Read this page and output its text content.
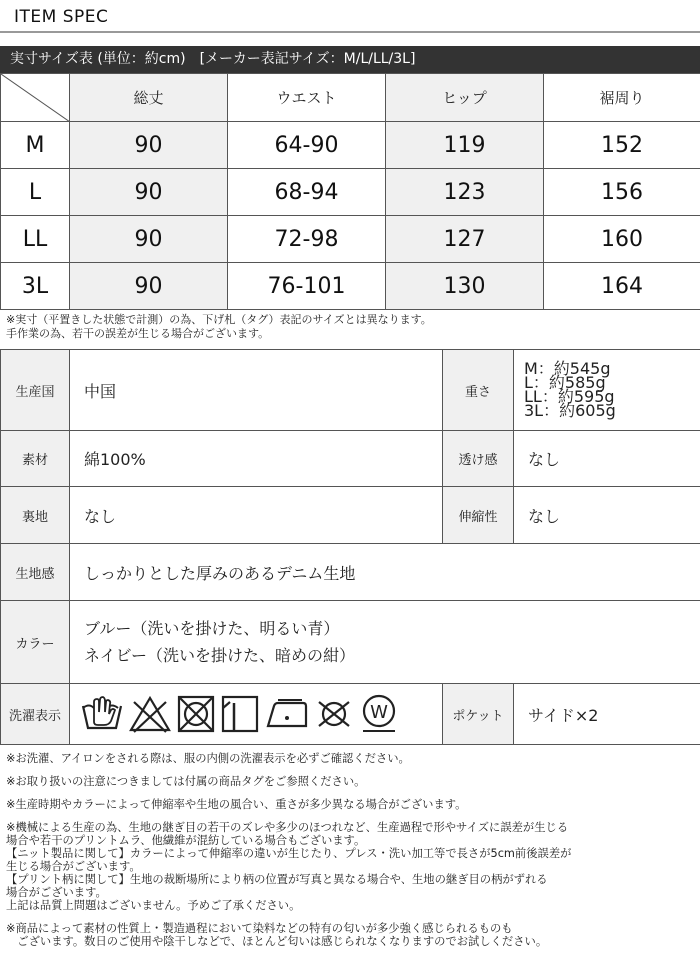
ITEM SPEC
実寸サイズ表 (単位：約cm)　[メーカー表記サイズ：M/L/LL/3L]
	総丈	ウエスト	ヒップ	裾周り
M	90	64-90	119	152
L	90	68-94	123	156
LL	90	72-98	127	160
3L	90	76-101	130	164
※実寸（平置きした状態で計測）の為、下げ札（タグ）表記のサイズとは異なります。
手作業の為、若干の誤差が生じる場合がございます。
生産国	中国	重さ	M：約545g
L：約585g
LL：約595g
3L：約605g

素材	綿100%	透け感	なし
裏地	なし	伸縮性	なし
生地感	しっかりとした厚みのあるデニム生地		
カラー	ブルー（洗いを掛けた、明るい青）
ネイビー（洗いを掛けた、暗めの紺）		

洗濯表示	W	ポケット	サイド×2

※お洗濯、アイロンをされる際は、服の内側の洗濯表示を必ずご確認ください。

※お取り扱いの注意につきましては付属の商品タグをご参照ください。

※生産時期やカラーによって伸縮率や生地の風合い、重さが多少異なる場合がございます。

※機械による生産の為、生地の継ぎ目の若干のズレや多少のほつれなど、生産過程で形やサイズに誤差が生じる

場合や若干のプリントムラ、他繊維が混紡している場合もございます。

【ニット製品に関して】カラーによって伸縮率の違いが生じたり、プレス・洗い加工等で長さが5cm前後誤差が

生じる場合がございます。

【プリント柄に関して】生地の裁断場所により柄の位置が写真と異なる場合や、生地の継ぎ目の柄がずれる

場合がございます。

上記は品質上問題はございません。予めご了承ください。

※商品によって素材の性質上・製造過程において染料などの特有の匂いが多少強く感じられるものも

　ございます。数日のご使用や陰干しなどで、ほとんど匂いは感じられなくなりますのでお試しください。
